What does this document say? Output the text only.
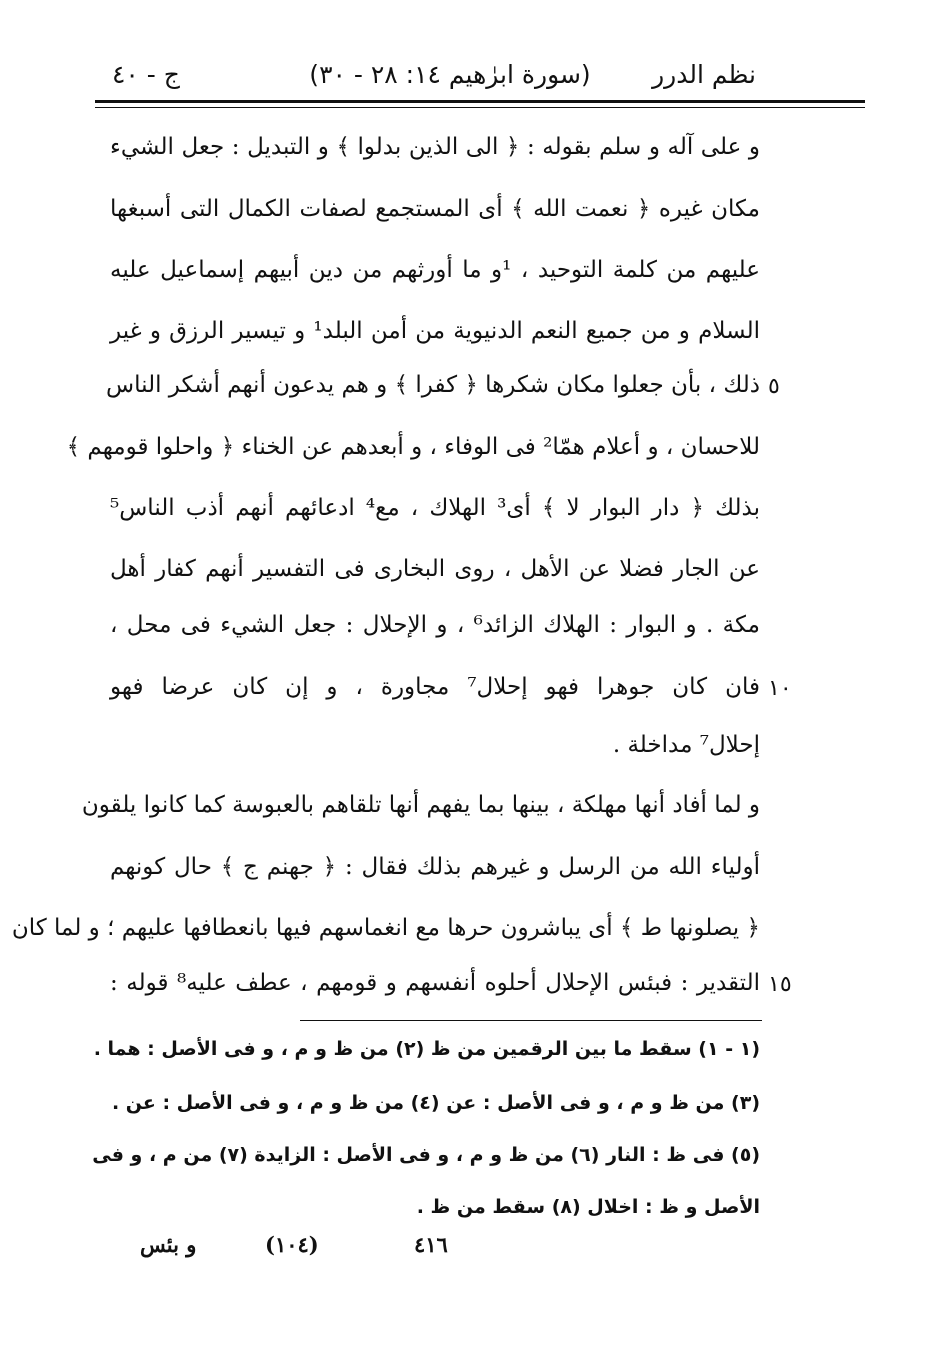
ج - ٤٠	(سورة ابرٰهيم ١٤: ٢٨ - ٣٠)	نظم الدرر
و على آله و سلم بقوله : ﴿ الى الذين بدلوا ﴾ و التبديل : جعل الشيء
مكان غيره ﴿ نعمت الله ﴾ أى المستجمع لصفات الكمال التى أسبغها
عليهم من كلمة التوحيد ، ¹و ما أورثهم من دين أبيهم إسماعيل عليه
السلام و من جميع النعم الدنيوية من أمن البلد¹ و تيسير الرزق و غير
ذلك ، بأن جعلوا مكان شكرها ﴿ كفرا ﴾ و هم يدعون أنهم أشكر الناس ٥
للاحسان ، و أعلام همّا² فى الوفاء ، و أبعدهم عن الخناء ﴿ واحلوا قومهم ﴾
بذلك ﴿ دار البوار لا ﴾ أى³ الهلاك ، مع⁴ ادعائهم أنهم أذب الناس⁵
عن الجار فضلا عن الأهل ، روى البخارى فى التفسير أنهم كفار أهل
مكة . و البوار : الهلاك الزائد⁶ ، و الإحلال : جعل الشيء فى محل ،
فان كان جوهرا فهو إحلال⁷ مجاورة ، و إن كان عرضا فهو ١٠
إحلال⁷ مداخلة .
و لما أفاد أنها مهلكة ، بينها بما يفهم أنها تلقاهم بالعبوسة كما كانوا يلقون
أولياء الله من الرسل و غيرهم بذلك فقال : ﴿ جهنم ج ﴾ حال كونهم
﴿ يصلونها ط ﴾ أى يباشرون حرها مع انغماسهم فيها بانعطافها عليهم ؛ و لما كان
التقدير : فبئس الإحلال أحلوه أنفسهم و قومهم ، عطف عليه⁸ قوله : ١٥
(١ - ١) سقط ما بين الرقمين من ظ (٢) من ظ و م ، و فى الأصل : هما .
(٣) من ظ و م ، و فى الأصل : عن (٤) من ظ و م ، و فى الأصل : عن .
(٥) فى ظ : النار (٦) من ظ و م ، و فى الأصل : الزايدة (٧) من م ، و فى
الأصل و ظ : اخلال (٨) سقط من ظ .
و بئس	(١٠٤)	٤١٦
